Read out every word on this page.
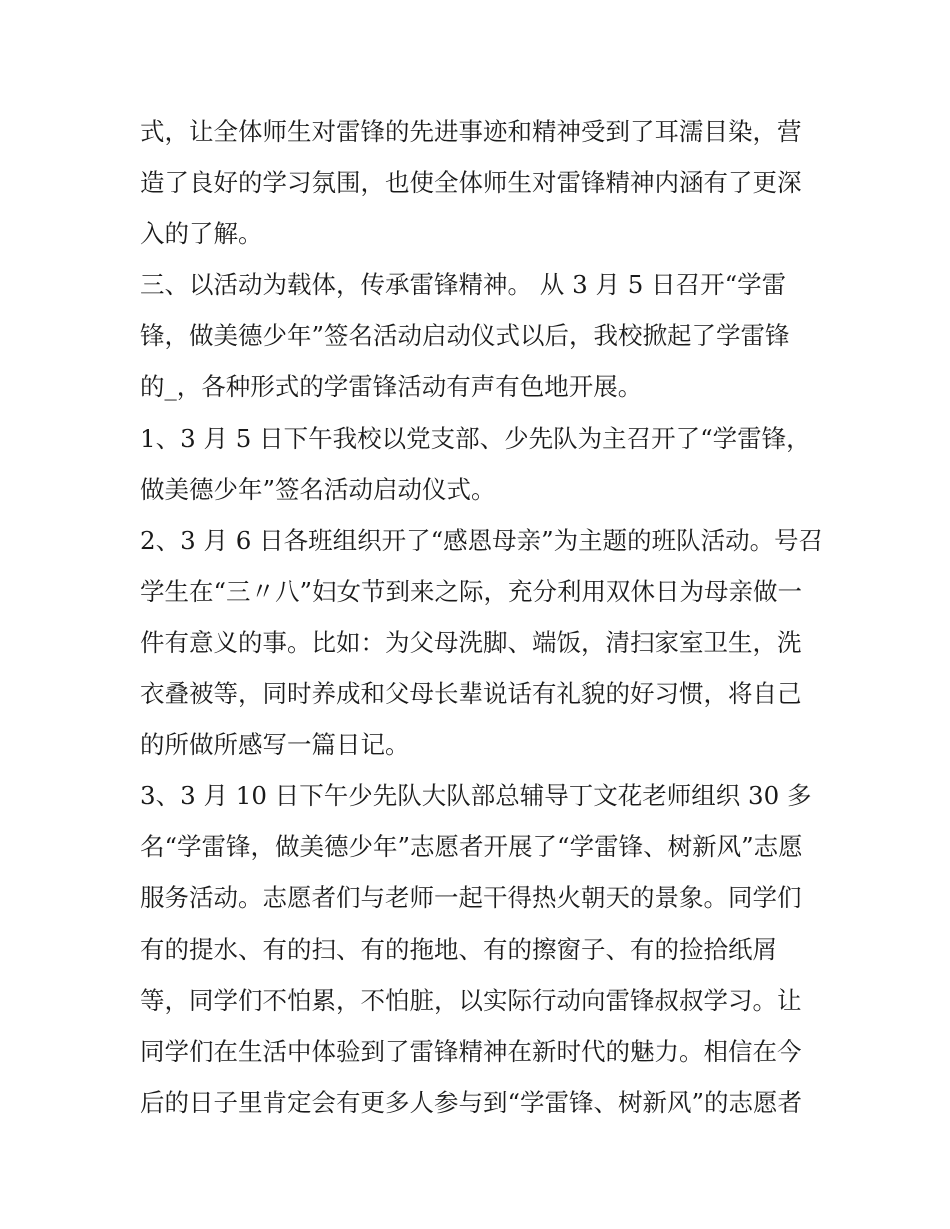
式，让全体师生对雷锋的先进事迹和精神受到了耳濡目染，营
造了良好的学习氛围，也使全体师生对雷锋精神内涵有了更深
入的了解。
三、以活动为载体，传承雷锋精神。 从 3 月 5 日召开“学雷
锋，做美德少年”签名活动启动仪式以后，我校掀起了学雷锋
的_，各种形式的学雷锋活动有声有色地开展。
1、3 月 5 日下午我校以党支部、少先队为主召开了“学雷锋，
做美德少年”签名活动启动仪式。
2、3 月 6 日各班组织开了“感恩母亲”为主题的班队活动。号召
学生在“三〃八”妇女节到来之际，充分利用双休日为母亲做一
件有意义的事。比如：为父母洗脚、端饭，清扫家室卫生，洗
衣叠被等，同时养成和父母长辈说话有礼貌的好习惯，将自己
的所做所感写一篇日记。
3、3 月 10 日下午少先队大队部总辅导丁文花老师组织 30 多
名“学雷锋，做美德少年”志愿者开展了“学雷锋、树新风”志愿
服务活动。志愿者们与老师一起干得热火朝天的景象。同学们
有的提水、有的扫、有的拖地、有的擦窗子、有的捡拾纸屑
等，同学们不怕累，不怕脏，以实际行动向雷锋叔叔学习。让
同学们在生活中体验到了雷锋精神在新时代的魅力。相信在今
后的日子里肯定会有更多人参与到“学雷锋、树新风”的志愿者
